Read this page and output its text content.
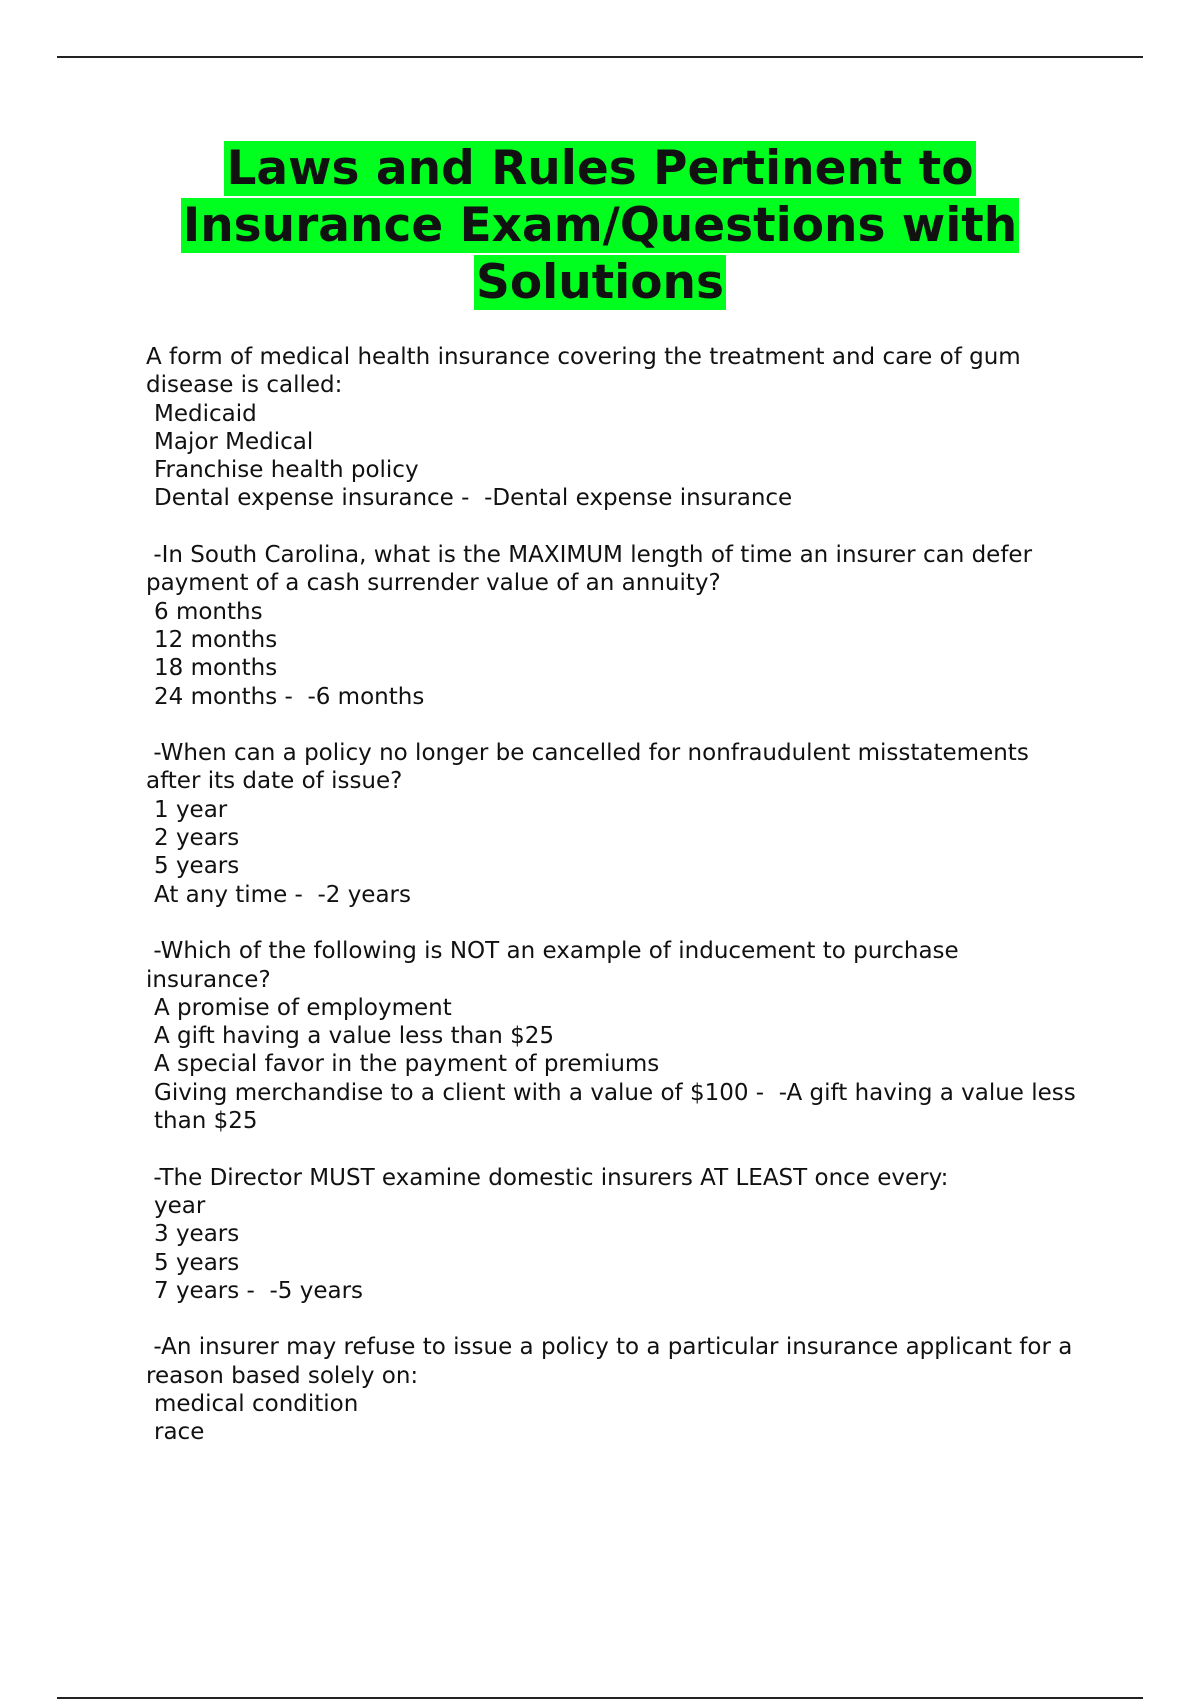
Laws and Rules Pertinent to
Insurance Exam/Questions with
Solutions
A form of medical health insurance covering the treatment and care of gum disease is called:
Medicaid
Major Medical
Franchise health policy
Dental expense insurance -  -Dental expense insurance
-In South Carolina, what is the MAXIMUM length of time an insurer can defer payment of a cash surrender value of an annuity?
6 months
12 months
18 months
24 months -  -6 months
-When can a policy no longer be cancelled for nonfraudulent misstatements after its date of issue?
1 year
2 years
5 years
At any time -  -2 years
-Which of the following is NOT an example of inducement to purchase insurance?
A promise of employment
A gift having a value less than $25
A special favor in the payment of premiums
Giving merchandise to a client with a value of $100 -  -A gift having a value less than $25
-The Director MUST examine domestic insurers AT LEAST once every:
year
3 years
5 years
7 years -  -5 years
-An insurer may refuse to issue a policy to a particular insurance applicant for a reason based solely on:
medical condition
race
